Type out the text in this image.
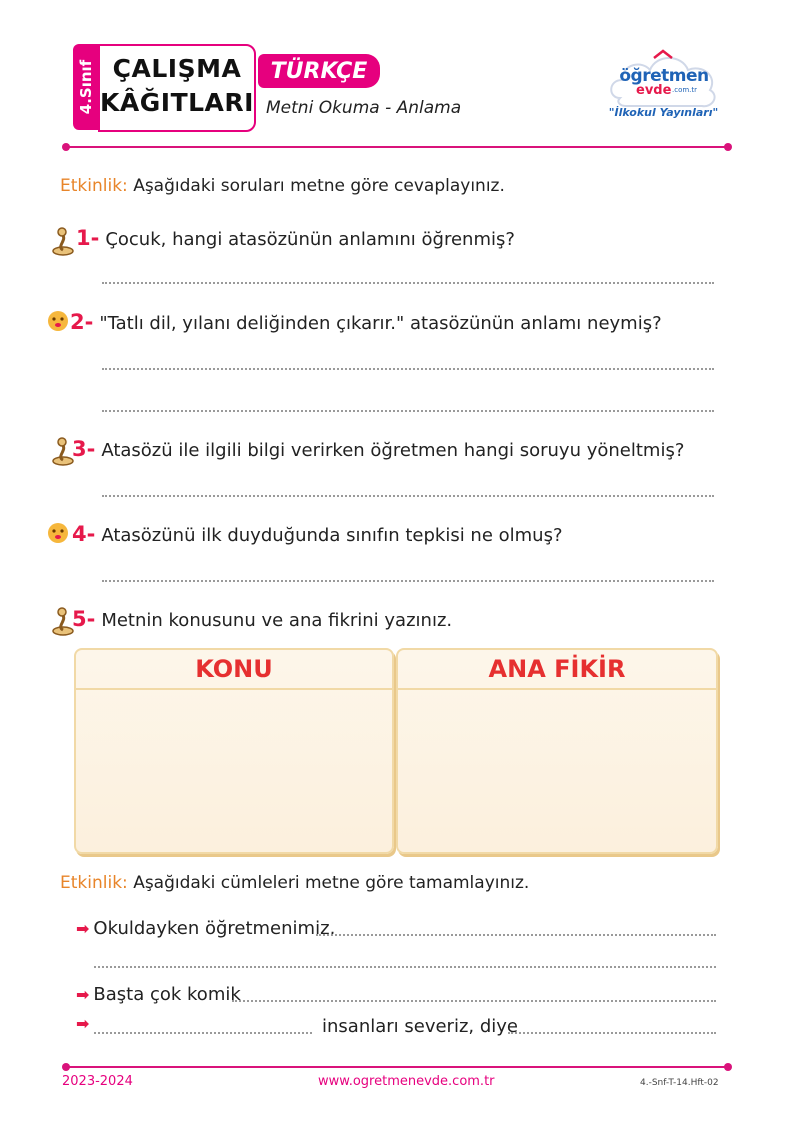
4.Sınıf ÇALIŞMA
KÂĞITLARI
TÜRKÇE
Metni Okuma - Anlama
öğretmen
evde .com.tr
"İlkokul Yayınları"
Etkinlik: Aşağıdaki soruları metne göre cevaplayınız.
1- Çocuk, hangi atasözünün anlamını öğrenmiş?
2- "Tatlı dil, yılanı deliğinden çıkarır." atasözünün anlamı neymiş?
3- Atasözü ile ilgili bilgi verirken öğretmen hangi soruyu yöneltmiş?
4- Atasözünü ilk duyduğunda sınıfın tepkisi ne olmuş?
5- Metnin konusunu ve ana fikrini yazınız.
KONU	ANA FİKİR
Etkinlik: Aşağıdaki cümleleri metne göre tamamlayınız.
➡ Okuldayken öğretmenimiz,
➡ Başta çok komik
➡	insanları severiz, diye
2023-2024	www.ogretmenevde.com.tr	4.-Snf-T-14.Hft-02
